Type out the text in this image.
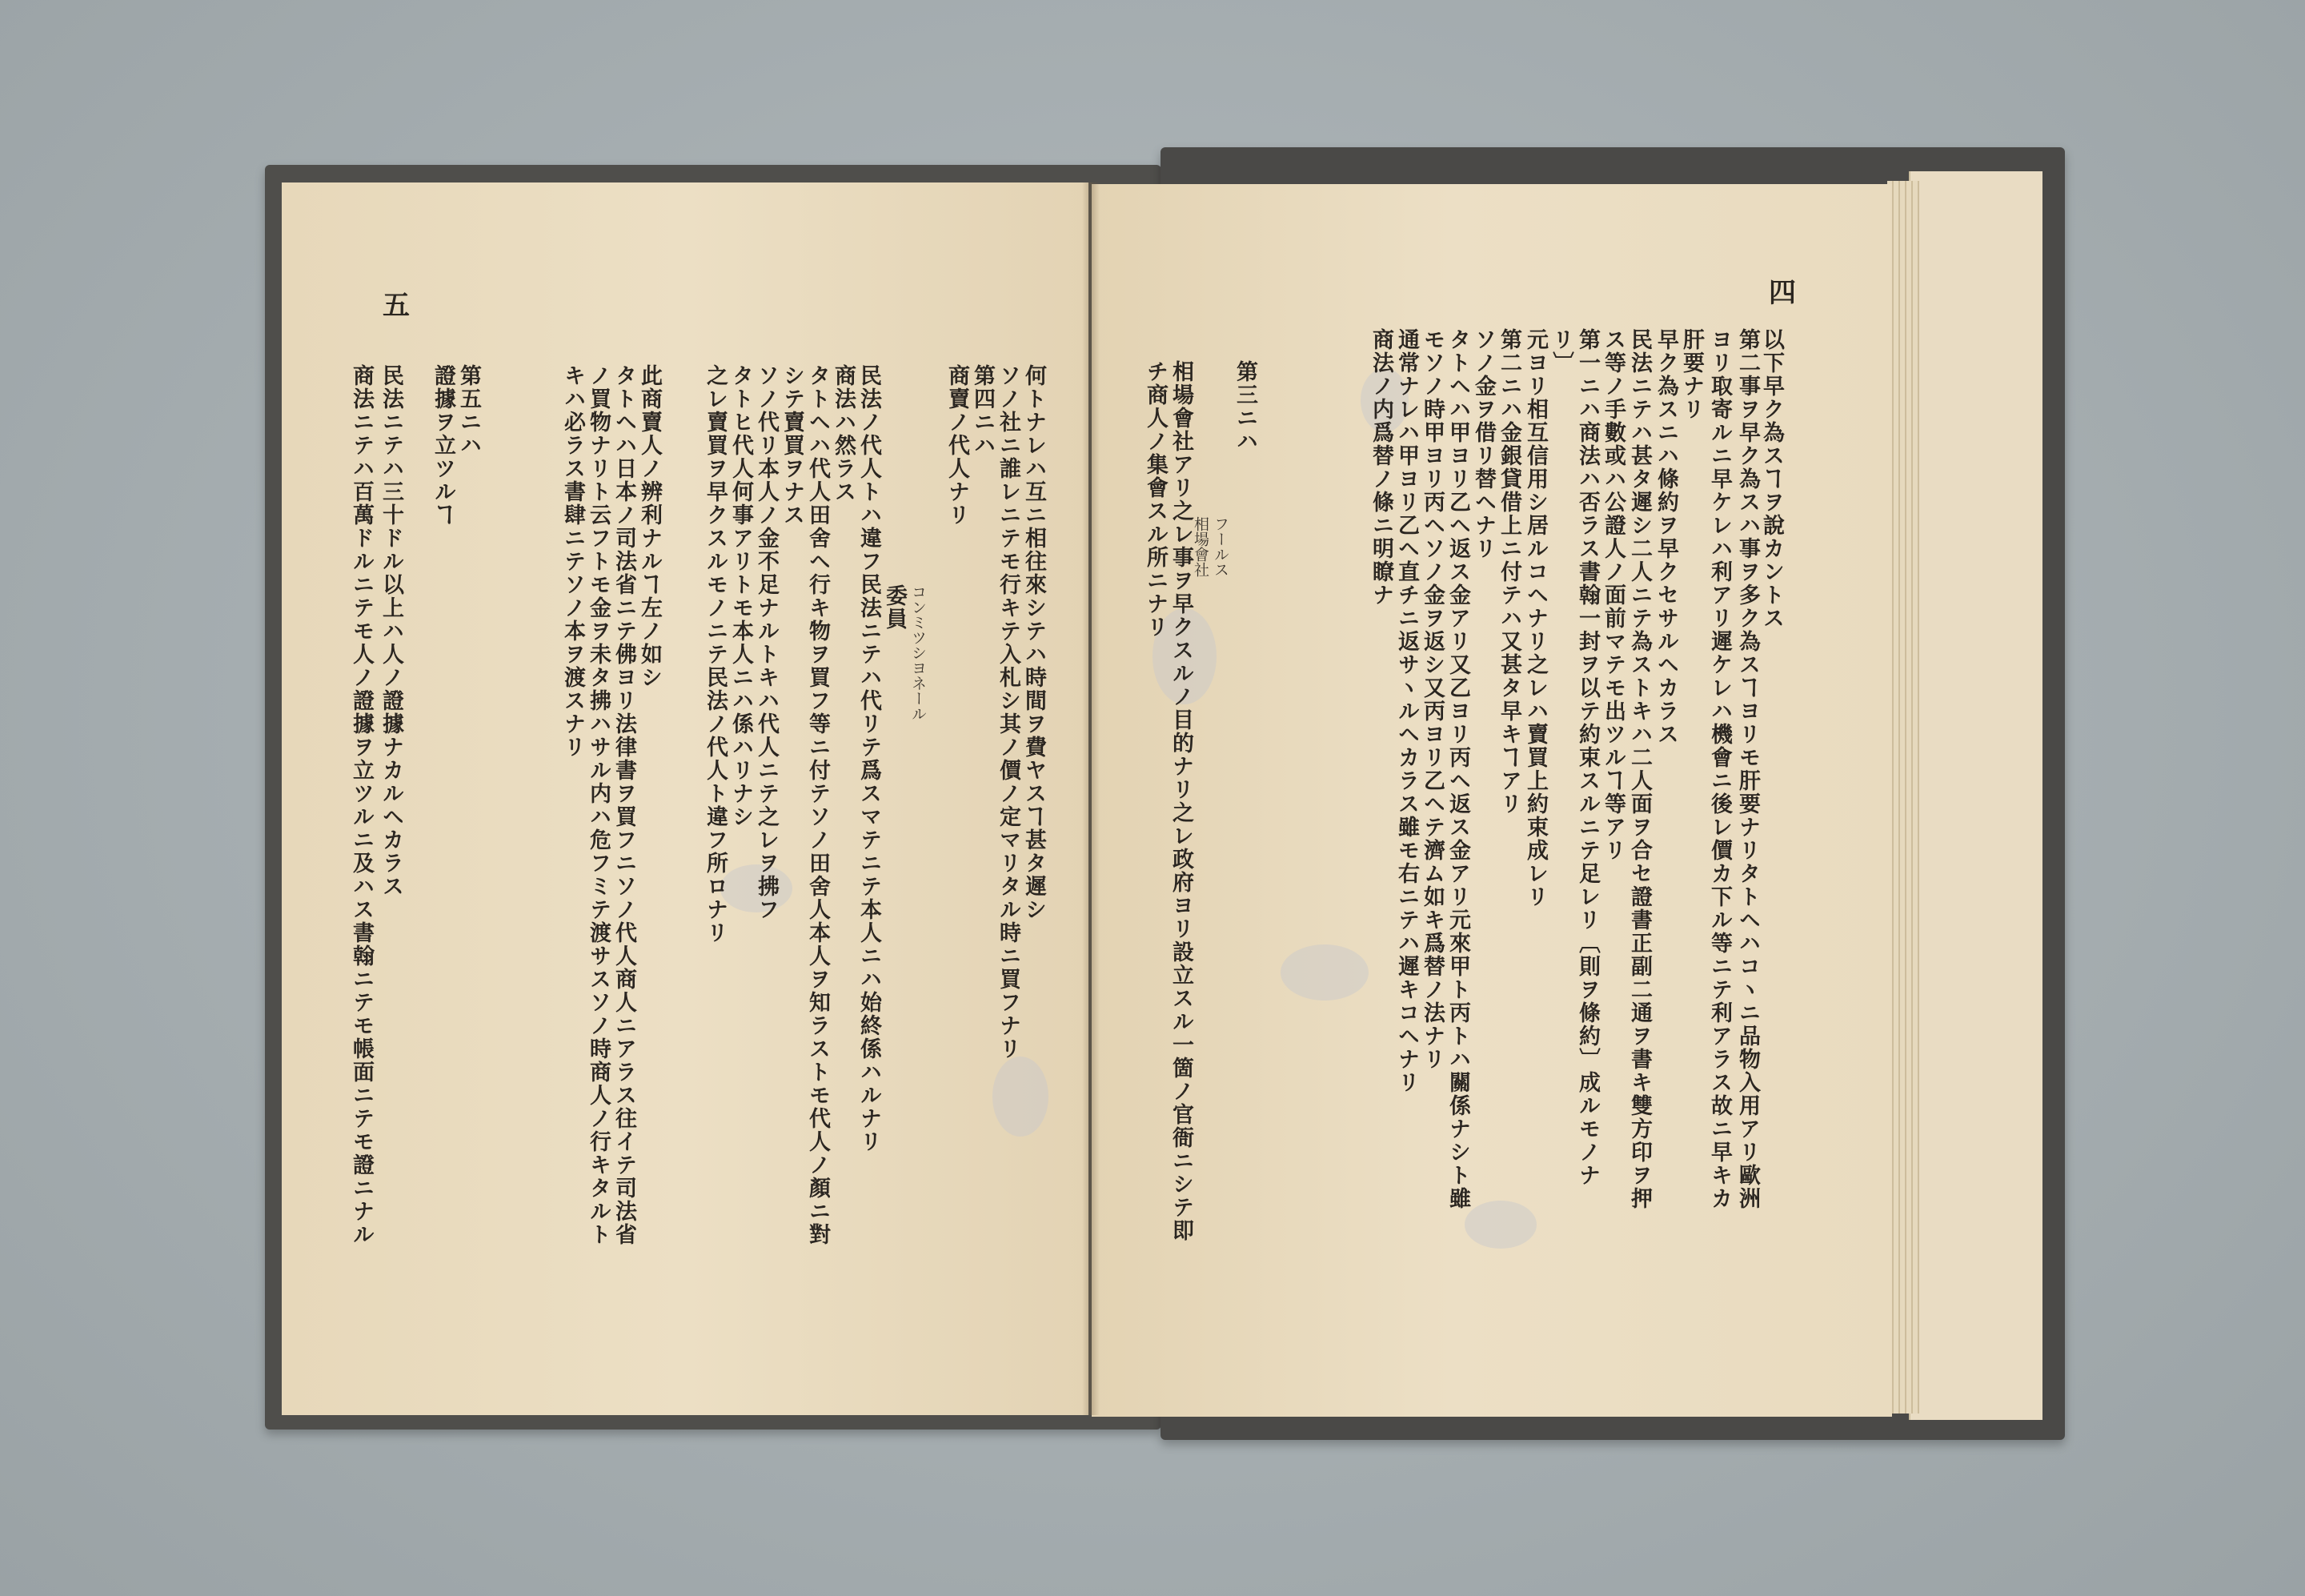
四
五
以下早ク為スヿヲ說カントス
第二事ヲ早ク為スハ事ヲ多ク為スヿヨリモ肝要ナリタトヘハコヽニ品物入用アリ歐洲
ヨリ取寄ルニ早ケレハ利アリ遲ケレハ機會ニ後レ價カ下ル等ニテ利アラス故ニ早キカ
肝要ナリ
早ク為スニハ條約ヲ早クセサルヘカラス
民法ニテハ甚タ遲シ二人ニテ為ストキハ二人面ヲ合セ證書正副二通ヲ書キ雙方印ヲ押
ス等ノ手數或ハ公證人ノ面前マテモ出ツルヿ等アリ
第一ニハ商法ハ否ラス書翰一封ヲ以テ約束スルニテ足レリ〔則ヲ條約〕成ルモノナ
リ〕
元ヨリ相互信用シ居ルコヘナリ之レハ賣買上約束成レリ
第二ニハ金銀貸借上ニ付テハ又甚タ早キヿアリ
ソノ金ヲ借リ替ヘナリ
タトヘハ甲ヨリ乙ヘ返ス金アリ又乙ヨリ丙ヘ返ス金アリ元來甲ト丙トハ關係ナシト雖
モソノ時甲ヨリ丙ヘソノ金ヲ返シ又丙ヨリ乙ヘテ濟ム如キ爲替ノ法ナリ
通常ナレハ甲ヨリ乙ヘ直チニ返サヽルヘカラス雖モ右ニテハ遲キコヘナリ
商法ノ内爲替ノ條ニ明瞭ナ
第三ニハ
フールス
相場會社
相場會社アリ之レ事ヲ早クスルノ目的ナリ之レ政府ヨリ設立スル一箇ノ官衙ニシテ即
チ商人ノ集會スル所ニナリ
何トナレハ互ニ相往來シテハ時間ヲ費ヤスヿ甚タ遲シ
ソノ社ニ誰レニテモ行キテ入札シ其ノ價ノ定マリタル時ニ買フナリ
第四ニハ
商賣ノ代人ナリ
コンミツシヨネール
委員
民法ノ代人トハ違フ民法ニテハ代リテ爲スマテニテ本人ニハ始終係ハルナリ
商法ハ然ラス
タトヘハ代人田舍ヘ行キ物ヲ買フ等ニ付テソノ田舍人本人ヲ知ラストモ代人ノ顏ニ對
シテ賣買ヲナス
ソノ代リ本人ノ金不足ナルトキハ代人ニテ之レヲ拂フ
タトヒ代人何事アリトモ本人ニハ係ハリナシ
之レ賣買ヲ早クスルモノニテ民法ノ代人ト違フ所ロナリ
此商賣人ノ辨利ナルヿ左ノ如シ
タトヘハ日本ノ司法省ニテ佛ヨリ法律書ヲ買フニソノ代人商人ニアラス往イテ司法省
ノ買物ナリト云フトモ金ヲ未タ拂ハサル内ハ危フミテ渡サスソノ時商人ノ行キタルト
キハ必ラス書肆ニテソノ本ヲ渡スナリ
第五ニハ
證據ヲ立ツルヿ
民法ニテハ三十ドル以上ハ人ノ證據ナカルヘカラス
商法ニテハ百萬ドルニテモ人ノ證據ヲ立ツルニ及ハス書翰ニテモ帳面ニテモ證ニナル
